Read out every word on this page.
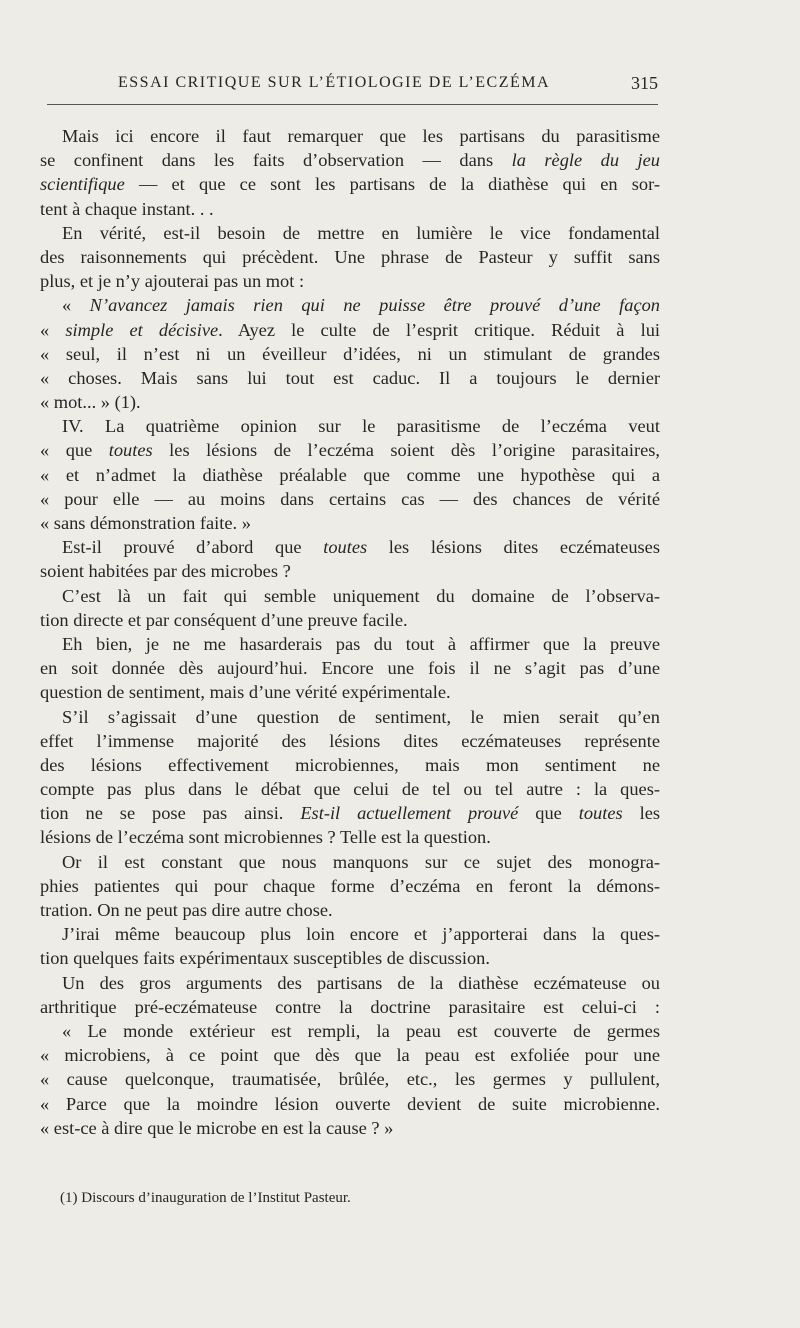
ESSAI CRITIQUE SUR L’ÉTIOLOGIE DE L’ECZÉMA	315
Mais ici encore il faut remarquer que les partisans du parasitisme
se confinent dans les faits d’observation — dans la règle du jeu
scientifique — et que ce sont les partisans de la diathèse qui en sor-
tent à chaque instant. . .
En vérité, est-il besoin de mettre en lumière le vice fondamental
des raisonnements qui précèdent. Une phrase de Pasteur y suffit sans
plus, et je n’y ajouterai pas un mot :
« N’avancez jamais rien qui ne puisse être prouvé d’une façon
« simple et décisive. Ayez le culte de l’esprit critique. Réduit à lui
« seul, il n’est ni un éveilleur d’idées, ni un stimulant de grandes
« choses. Mais sans lui tout est caduc. Il a toujours le dernier
« mot... » (1).
IV. La quatrième opinion sur le parasitisme de l’eczéma veut
« que toutes les lésions de l’eczéma soient dès l’origine parasitaires,
« et n’admet la diathèse préalable que comme une hypothèse qui a
« pour elle — au moins dans certains cas — des chances de vérité
« sans démonstration faite. »
Est-il prouvé d’abord que toutes les lésions dites eczémateuses
soient habitées par des microbes ?
C’est là un fait qui semble uniquement du domaine de l’observa-
tion directe et par conséquent d’une preuve facile.
Eh bien, je ne me hasarderais pas du tout à affirmer que la preuve
en soit donnée dès aujourd’hui. Encore une fois il ne s’agit pas d’une
question de sentiment, mais d’une vérité expérimentale.
S’il s’agissait d’une question de sentiment, le mien serait qu’en
effet l’immense majorité des lésions dites eczémateuses représente
des lésions effectivement microbiennes, mais mon sentiment ne
compte pas plus dans le débat que celui de tel ou tel autre : la ques-
tion ne se pose pas ainsi. Est-il actuellement prouvé que toutes les
lésions de l’eczéma sont microbiennes ? Telle est la question.
Or il est constant que nous manquons sur ce sujet des monogra-
phies patientes qui pour chaque forme d’eczéma en feront la démons-
tration. On ne peut pas dire autre chose.
J’irai même beaucoup plus loin encore et j’apporterai dans la ques-
tion quelques faits expérimentaux susceptibles de discussion.
Un des gros arguments des partisans de la diathèse eczémateuse ou
arthritique pré-eczémateuse contre la doctrine parasitaire est celui-ci :
« Le monde extérieur est rempli, la peau est couverte de germes
« microbiens, à ce point que dès que la peau est exfoliée pour une
« cause quelconque, traumatisée, brûlée, etc., les germes y pullulent,
« Parce que la moindre lésion ouverte devient de suite microbienne.
« est-ce à dire que le microbe en est la cause ? »
(1) Discours d’inauguration de l’Institut Pasteur.
